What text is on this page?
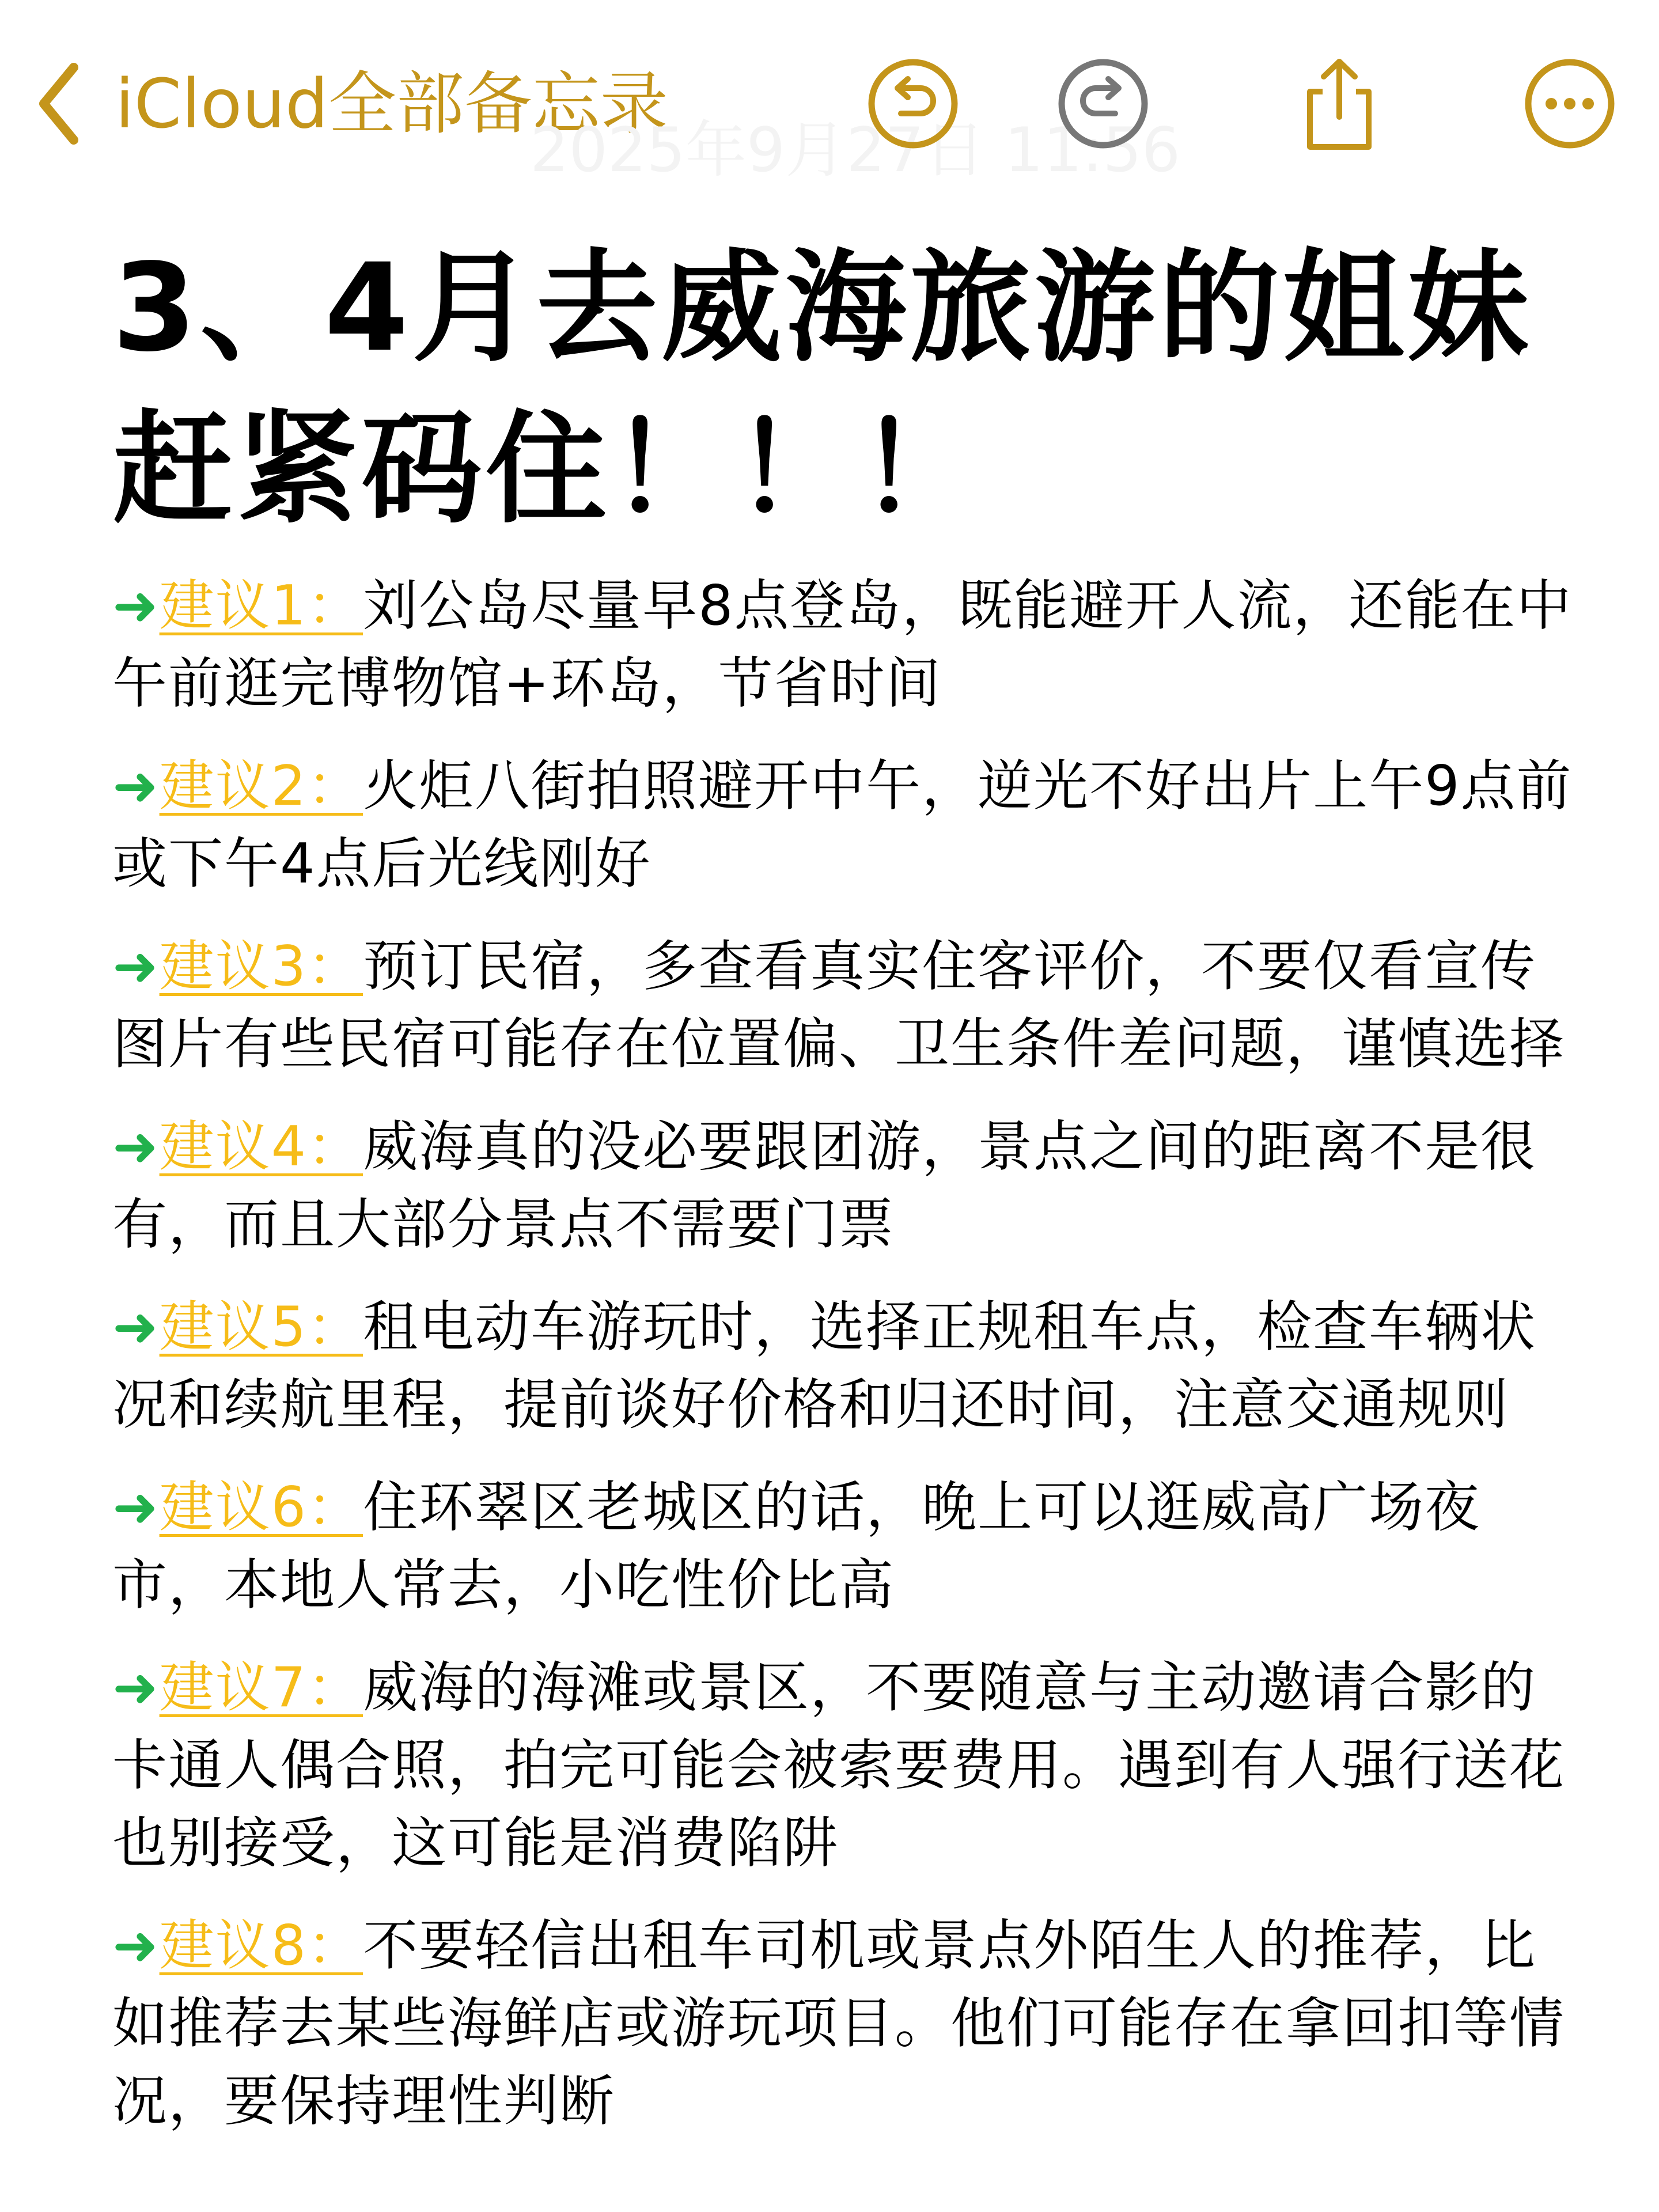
iCloud全部备忘录
2025年9月27日 11:56
3、4月去威海旅游的姐妹
赶紧码住！！！
➜建议1：刘公岛尽量早8点登岛，既能避开人流，还能在中午前逛完博物馆+环岛，节省时间
➜建议2：火炬八街拍照避开中午，逆光不好出片上午9点前或下午4点后光线刚好
➜建议3：预订民宿，多查看真实住客评价，不要仅看宣传图片有些民宿可能存在位置偏、卫生条件差问题，谨慎选择
➜建议4：威海真的没必要跟团游，景点之间的距离不是很有，而且大部分景点不需要门票
➜建议5：租电动车游玩时，选择正规租车点，检查车辆状况和续航里程，提前谈好价格和归还时间，注意交通规则
➜建议6：住环翠区老城区的话，晚上可以逛威高广场夜市，本地人常去，小吃性价比高
➜建议7：威海的海滩或景区，不要随意与主动邀请合影的卡通人偶合照，拍完可能会被索要费用。遇到有人强行送花也别接受，这可能是消费陷阱
➜建议8：不要轻信出租车司机或景点外陌生人的推荐，比如推荐去某些海鲜店或游玩项目。他们可能存在拿回扣等情况，要保持理性判断
